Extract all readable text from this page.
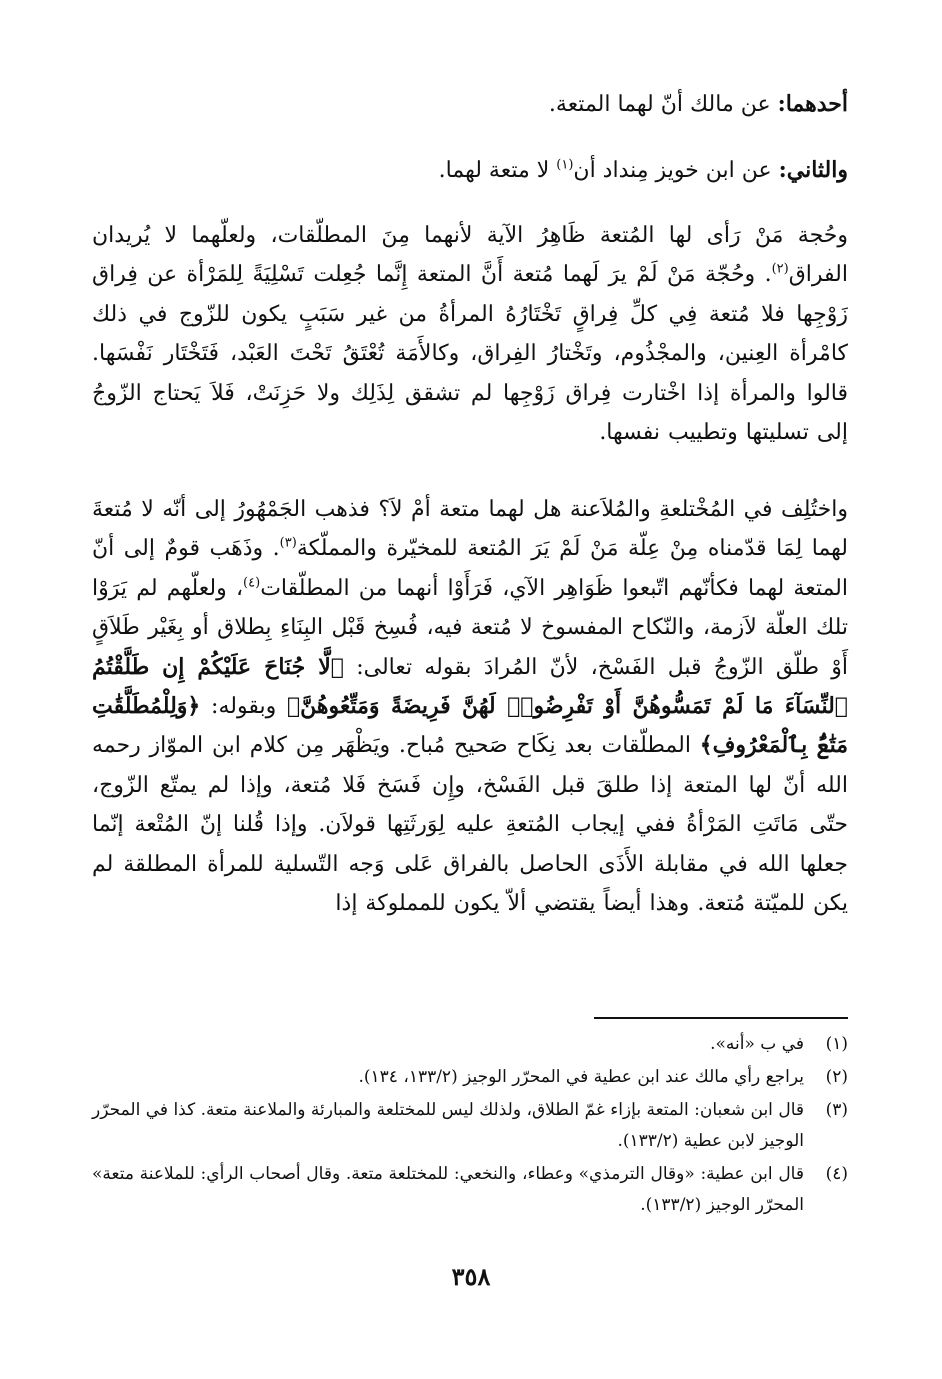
أحدهما: عن مالك أنّ لهما المتعة.
والثاني: عن ابن خويز مِنداد أن$^{(١)}$ لا متعة لهما.
وحُجة مَنْ رَأى لها المُتعة ظَاهِرُ الآية لأنهما مِنَ المطلّقات، ولعلّهما لا يُريدان الفراق$^{(٢)}$. وحُجّة مَنْ لَمْ يرَ لَهما مُتعة أَنَّ المتعة إِنَّما جُعِلت تَسْلِيَةً لِلمَرْأة عن فِراق زَوْجِها فلا مُتعة فِي كلِّ فِراقٍ تَخْتَارُهُ المرأةُ من غير سَبَبٍ يكون للزّوج في ذلك كامْرأة العِنين، والمجْذُوم، وتَخْتارُ الفِراق، وكالأَمَة تُعْتَقُ تَحْتَ العَبْد، فَتَخْتَار نَفْسَها. قالوا والمرأة إذا اخْتارت فِراق زَوْجِها لم تشقق لِذَلِك ولا حَزِنَتْ، فَلاَ يَحتاج الزّوجُ إلى تسليتها وتطييب نفسها.
واختُلِف في المُخْتلعةِ والمُلاَعنة هل لهما متعة أمْ لاَ؟ فذهب الجَمْهُورُ إلى أنّه لا مُتعةَ لهما لِمَا قدّمناه مِنْ عِلّة مَنْ لَمْ يَرَ المُتعة للمخيّرة والمملّكة$^{(٣)}$. وذَهَب قومٌ إلى أنّ المتعة لهما فكأنّهم اتّبعوا ظَوَاهِر الآي، فَرَأَوْا أنهما من المطلّقات$^{(٤)}$، ولعلّهم لم يَرَوْا تلك العلّة لاَزمة، والنّكاح المفسوخ لا مُتعة فيه، فُسِخ قَبْل البِنَاءِ بِطلاق أو بِغَيْر طَلاَقٍ أَوْ طلّق الزّوجُ قبل الفَسْخ، لأنّ المُرادَ بقوله تعالى: ﴿لَّا جُنَاحَ عَلَيْكُمْ إِن طَلَّقْتُمُ ٱلنِّسَآءَ مَا لَمْ تَمَسُّوهُنَّ أَوْ تَفْرِضُوا۟ لَهُنَّ فَرِيضَةً وَمَتِّعُوهُنَّ﴾ وبقوله: ﴿وَلِلْمُطَلَّقَٰتِ مَتَٰعٌۢ بِٱلْمَعْرُوفِ﴾ المطلّقات بعد نِكَاح صَحيح مُباح. ويَظْهَر مِن كلام ابن الموّاز رحمه الله أنّ لها المتعة إذا طلقَ قبل الفَسْخ، وإِن فَسَخ فَلا مُتعة، وإذا لم يمتّع الزّوج، حتّى مَاتَتِ المَرْأةُ ففي إيجاب المُتعةِ عليه لِوَرثَتِها قولاَن. وإذا قُلنا إنّ المُتْعة إنّما جعلها الله في مقابلة الأَذَى الحاصل بالفراق عَلى وَجه التّسلية للمرأة المطلقة لم يكن للميّتة مُتعة. وهذا أيضاً يقتضي ألاّ يكون للمملوكة إذا
(١)
في ب «أنه».
(٢)
يراجع رأي مالك عند ابن عطية في المحرّر الوجيز (١٣٣/٢، ١٣٤).
(٣)
قال ابن شعبان: المتعة بإزاء غمّ الطلاق، ولذلك ليس للمختلعة والمبارئة والملاعنة متعة. كذا في المحرّر الوجيز لابن عطية (١٣٣/٢).
(٤)
قال ابن عطية: «وقال الترمذي» وعطاء، والنخعي: للمختلعة متعة. وقال أصحاب الرأي: للملاعنة متعة» المحرّر الوجيز (١٣٣/٢).
٣٥٨
